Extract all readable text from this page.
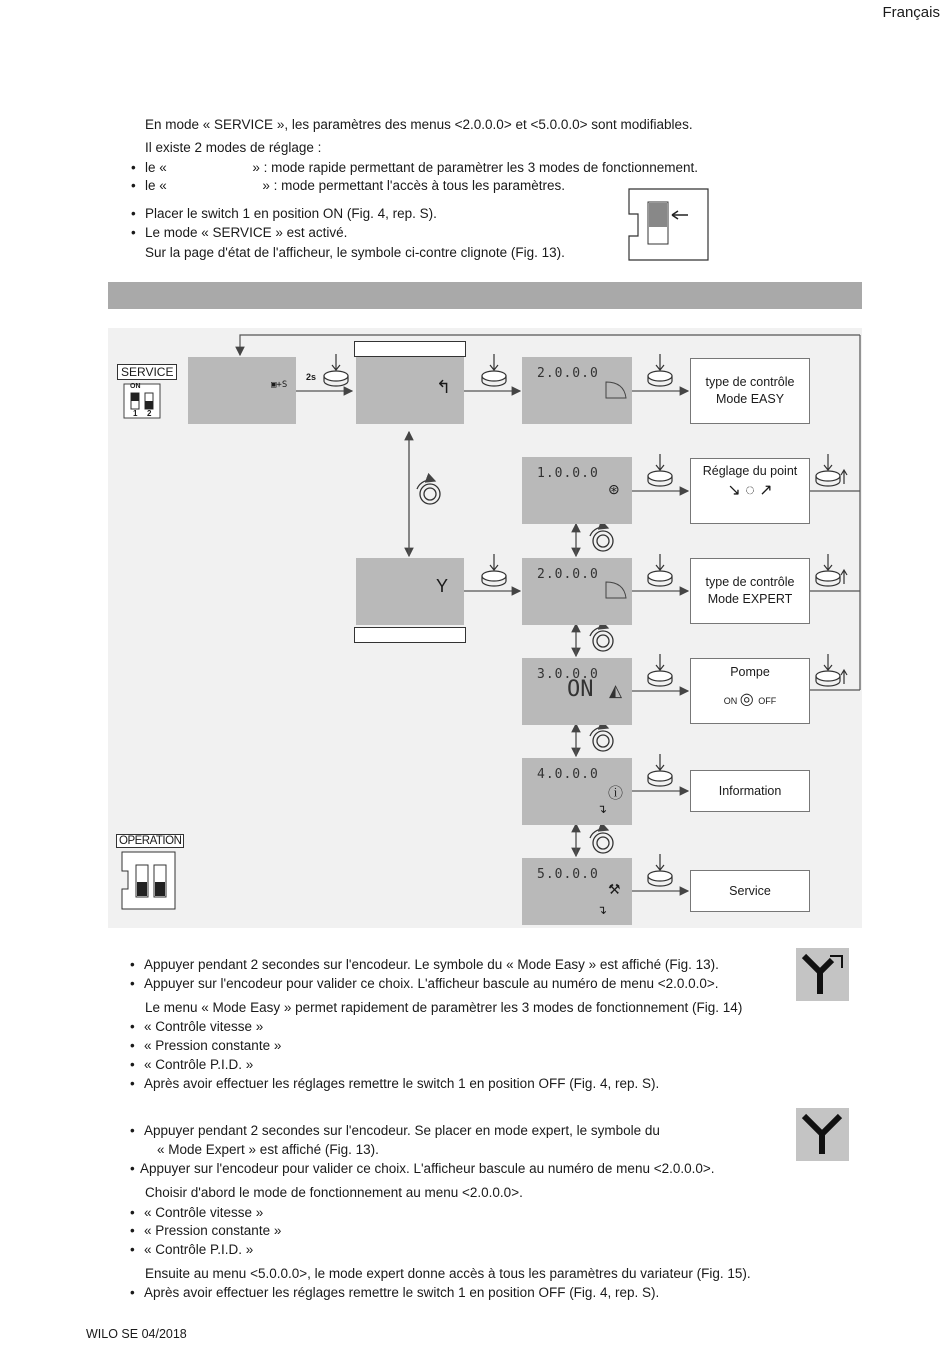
Français
En mode « SERVICE », les paramètres des menus <2.0.0.0> et <5.0.0.0> sont modifiables.
Il existe 2 modes de réglage :
• le «	» : mode rapide permettant de paramètrer les 3 modes de fonctionnement.
• le «	» : mode permettant l'accès à tous les paramètres.
• Placer le switch 1 en position ON (Fig. 4, rep. S).
• Le mode « SERVICE » est activé.
Sur la page d'état de l'afficheur, le symbole ci-contre clignote (Fig. 13).
SERVICE
ON
1 2
▣+S
2s	↰
Y
2.0.0.0
1.0.0.0
⊛
2.0.0.0
3.0.0.0
ON ◭
4.0.0.0
ⓘ
↴
5.0.0.0
⚒
↴
type de contrôle
Mode EASY
Réglage du point
↘ ◌ ↗
type de contrôle
Mode EXPERT
Pompe
ON ◎ OFF
Information
Service
OPERATION
• Appuyer pendant 2 secondes sur l'encodeur. Le symbole du « Mode Easy » est affiché (Fig. 13).
• Appuyer sur l'encodeur pour valider ce choix. L'afficheur bascule au numéro de menu <2.0.0.0>.
Le menu « Mode Easy » permet rapidement de paramètrer les 3 modes de fonctionnement (Fig. 14)
• « Contrôle vitesse »
• « Pression constante »
• « Contrôle P.I.D. »
• Après avoir effectuer les réglages remettre le switch 1 en position OFF (Fig. 4, rep. S).
• Appuyer pendant 2 secondes sur l'encodeur. Se placer en mode expert, le symbole du
« Mode Expert » est affiché (Fig. 13).
• Appuyer sur l'encodeur pour valider ce choix. L'afficheur bascule au numéro de menu <2.0.0.0>.
Choisir d'abord le mode de fonctionnement au menu <2.0.0.0>.
• « Contrôle vitesse »
• « Pression constante »
• « Contrôle P.I.D. »
Ensuite au menu <5.0.0.0>, le mode expert donne accès à tous les paramètres du variateur (Fig. 15).
• Après avoir effectuer les réglages remettre le switch 1 en position OFF (Fig. 4, rep. S).
WILO SE 04/2018
